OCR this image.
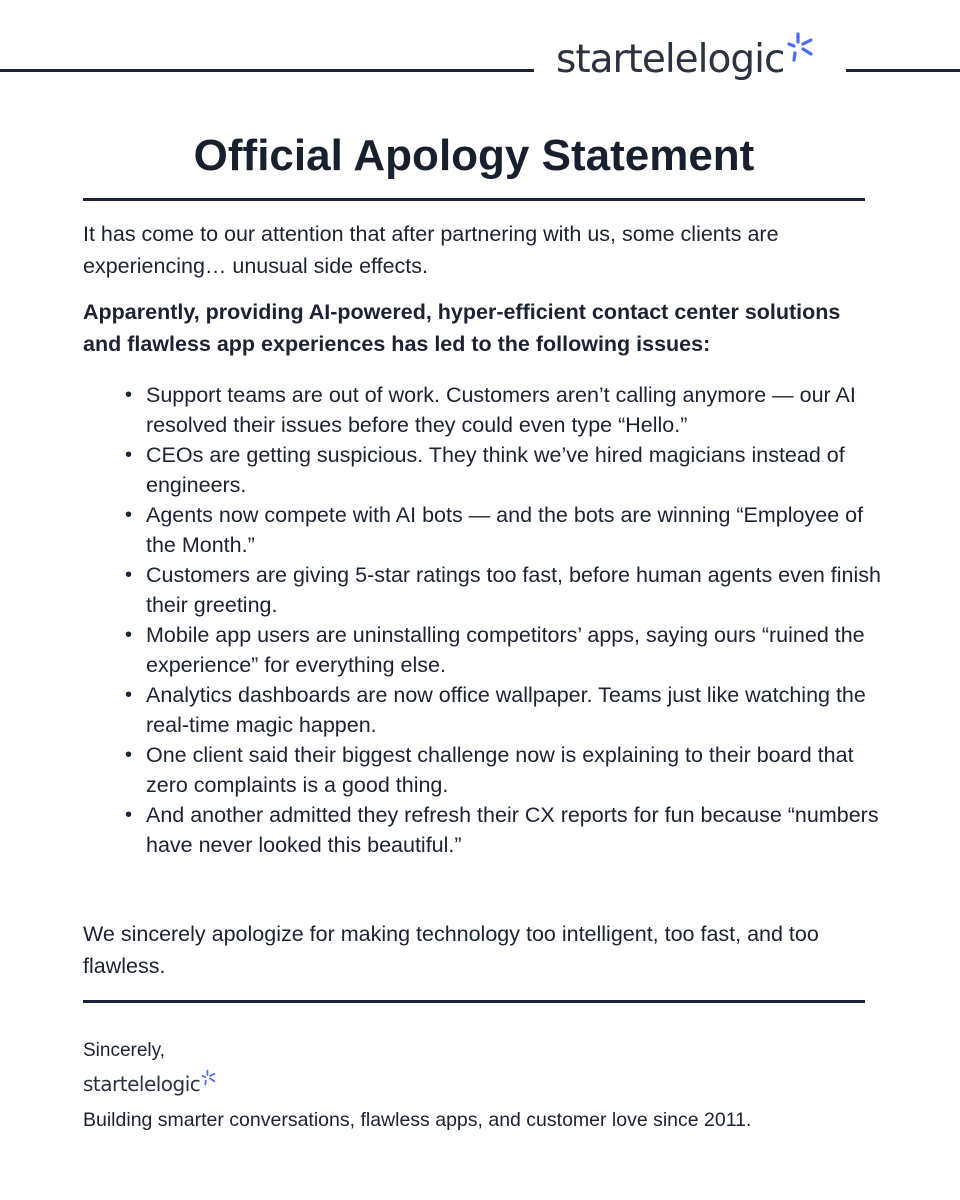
startelelogic
Official Apology Statement

It has come to our attention that after partnering with us, some clients are experiencing… unusual side effects.

Apparently, providing AI-powered, hyper-efficient contact center solutions and flawless app experiences has led to the following issues:

• Support teams are out of work. Customers aren’t calling anymore — our AI resolved their issues before they could even type “Hello.”
• CEOs are getting suspicious. They think we’ve hired magicians instead of engineers.
• Agents now compete with AI bots — and the bots are winning “Employee of the Month.”
• Customers are giving 5-star ratings too fast, before human agents even finish their greeting.
• Mobile app users are uninstalling competitors’ apps, saying ours “ruined the experience” for everything else.
• Analytics dashboards are now office wallpaper. Teams just like watching the real-time magic happen.
• One client said their biggest challenge now is explaining to their board that zero complaints is a good thing.
• And another admitted they refresh their CX reports for fun because “numbers have never looked this beautiful.”

We sincerely apologize for making technology too intelligent, too fast, and too flawless.

Sincerely,
startelelogic
Building smarter conversations, flawless apps, and customer love since 2011.
